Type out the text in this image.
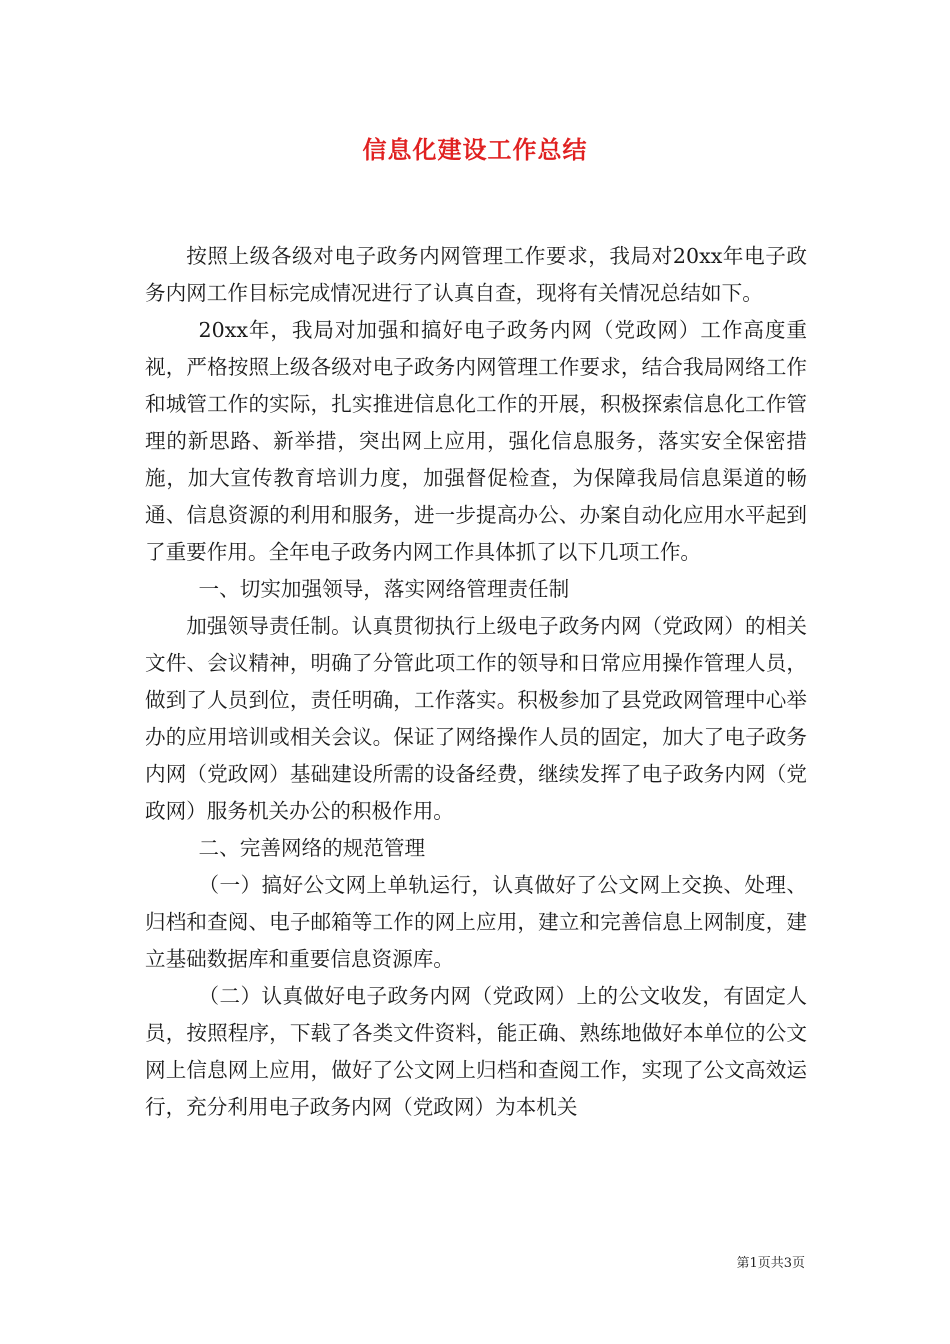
信息化建设工作总结

按照上级各级对电子政务内网管理工作要求，我局对20xx年电子政务内网工作目标完成情况进行了认真自查，现将有关情况总结如下。

20xx年，我局对加强和搞好电子政务内网（党政网）工作高度重视，严格按照上级各级对电子政务内网管理工作要求，结合我局网络工作和城管工作的实际，扎实推进信息化工作的开展，积极探索信息化工作管理的新思路、新举措，突出网上应用，强化信息服务，落实安全保密措施，加大宣传教育培训力度，加强督促检查，为保障我局信息渠道的畅通、信息资源的利用和服务，进一步提高办公、办案自动化应用水平起到了重要作用。全年电子政务内网工作具体抓了以下几项工作。

一、切实加强领导，落实网络管理责任制

加强领导责任制。认真贯彻执行上级电子政务内网（党政网）的相关文件、会议精神，明确了分管此项工作的领导和日常应用操作管理人员，做到了人员到位，责任明确，工作落实。积极参加了县党政网管理中心举办的应用培训或相关会议。保证了网络操作人员的固定，加大了电子政务内网（党政网）基础建设所需的设备经费，继续发挥了电子政务内网（党政网）服务机关办公的积极作用。

二、完善网络的规范管理

（一）搞好公文网上单轨运行，认真做好了公文网上交换、处理、归档和查阅、电子邮箱等工作的网上应用，建立和完善信息上网制度，建立基础数据库和重要信息资源库。

（二）认真做好电子政务内网（党政网）上的公文收发，有固定人员，按照程序，下载了各类文件资料，能正确、熟练地做好本单位的公文网上信息网上应用，做好了公文网上归档和查阅工作，实现了公文高效运行，充分利用电子政务内网（党政网）为本机关

第1页共3页
